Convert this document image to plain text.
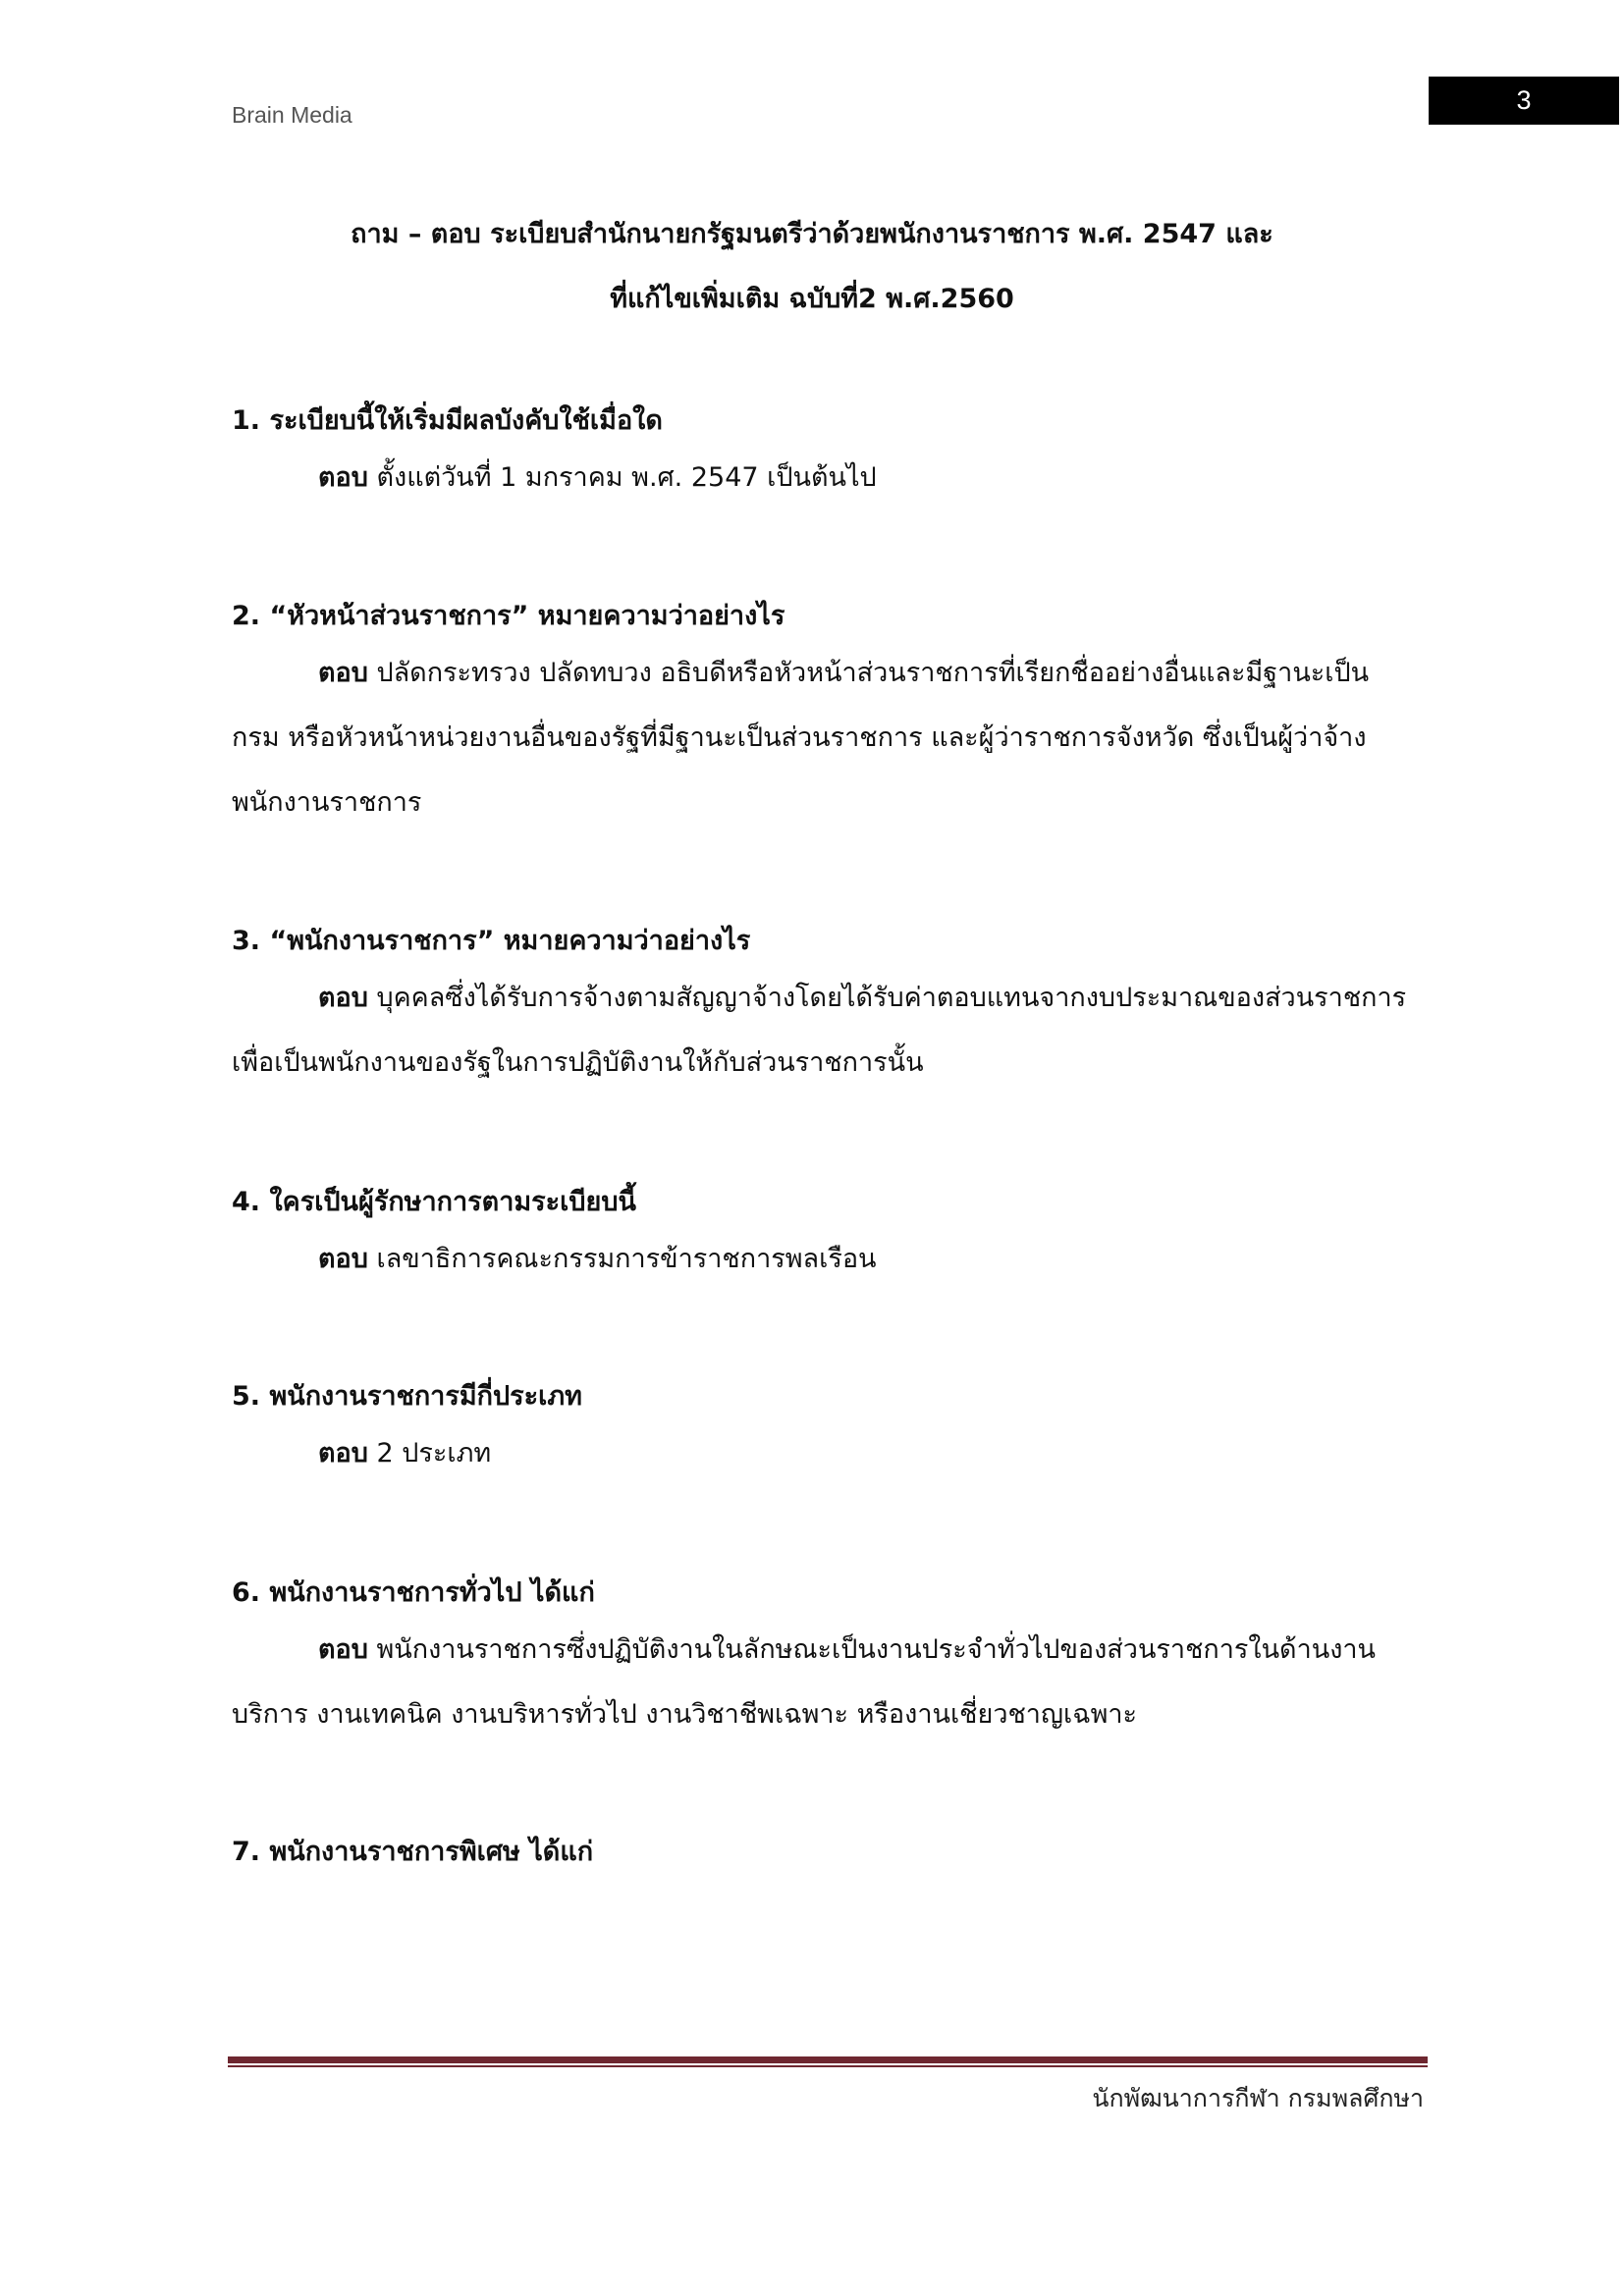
Brain Media	3
ถาม – ตอบ ระเบียบสำนักนายกรัฐมนตรีว่าด้วยพนักงานราชการ พ.ศ. 2547 และ
ที่แก้ไขเพิ่มเติม ฉบับที่2 พ.ศ.2560
1. ระเบียบนี้ให้เริ่มมีผลบังคับใช้เมื่อใด
ตอบ ตั้งแต่วันที่ 1 มกราคม พ.ศ. 2547 เป็นต้นไป
2. “หัวหน้าส่วนราชการ” หมายความว่าอย่างไร
ตอบ ปลัดกระทรวง ปลัดทบวง อธิบดีหรือหัวหน้าส่วนราชการที่เรียกชื่ออย่างอื่นและมีฐานะเป็น
กรม หรือหัวหน้าหน่วยงานอื่นของรัฐที่มีฐานะเป็นส่วนราชการ และผู้ว่าราชการจังหวัด ซึ่งเป็นผู้ว่าจ้าง
พนักงานราชการ
3. “พนักงานราชการ” หมายความว่าอย่างไร
ตอบ บุคคลซึ่งได้รับการจ้างตามสัญญาจ้างโดยได้รับค่าตอบแทนจากงบประมาณของส่วนราชการ
เพื่อเป็นพนักงานของรัฐในการปฏิบัติงานให้กับส่วนราชการนั้น
4. ใครเป็นผู้รักษาการตามระเบียบนี้
ตอบ เลขาธิการคณะกรรมการข้าราชการพลเรือน
5. พนักงานราชการมีกี่ประเภท
ตอบ 2 ประเภท
6. พนักงานราชการทั่วไป ได้แก่
ตอบ พนักงานราชการซึ่งปฏิบัติงานในลักษณะเป็นงานประจำทั่วไปของส่วนราชการในด้านงาน
บริการ งานเทคนิค งานบริหารทั่วไป งานวิชาชีพเฉพาะ หรืองานเชี่ยวชาญเฉพาะ
7. พนักงานราชการพิเศษ ได้แก่
นักพัฒนาการกีฬา กรมพลศึกษา
